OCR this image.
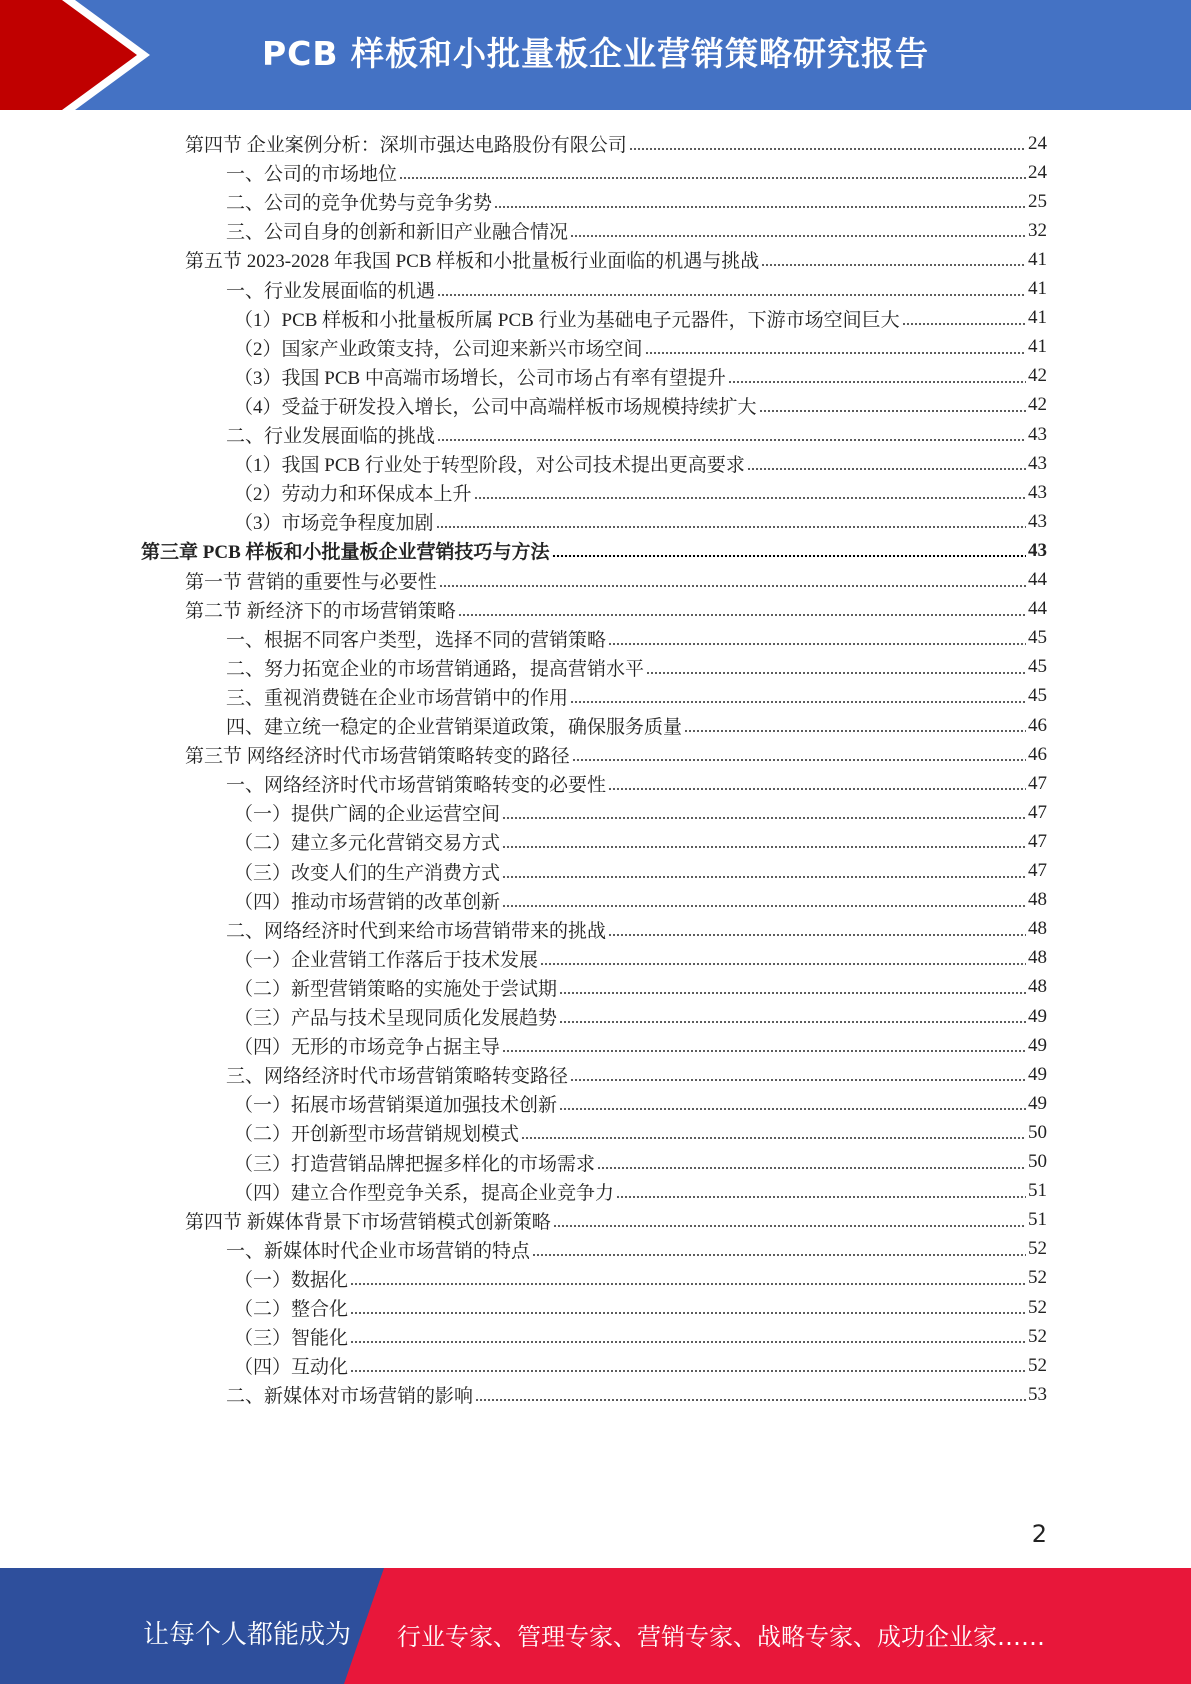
PCB 样板和小批量板企业营销策略研究报告
第四节 企业案例分析：深圳市强达电路股份有限公司	24
一、公司的市场地位	24
二、公司的竞争优势与竞争劣势	25
三、公司自身的创新和新旧产业融合情况	32
第五节 2023-2028 年我国 PCB 样板和小批量板行业面临的机遇与挑战	41
一、行业发展面临的机遇	41
（1）PCB 样板和小批量板所属 PCB 行业为基础电子元器件，下游市场空间巨大	41
（2）国家产业政策支持，公司迎来新兴市场空间	41
（3）我国 PCB 中高端市场增长，公司市场占有率有望提升	42
（4）受益于研发投入增长，公司中高端样板市场规模持续扩大	42
二、行业发展面临的挑战	43
（1）我国 PCB 行业处于转型阶段，对公司技术提出更高要求	43
（2）劳动力和环保成本上升	43
（3）市场竞争程度加剧	43
第三章 PCB 样板和小批量板企业营销技巧与方法	43
第一节 营销的重要性与必要性	44
第二节 新经济下的市场营销策略	44
一、根据不同客户类型，选择不同的营销策略	45
二、努力拓宽企业的市场营销通路，提高营销水平	45
三、重视消费链在企业市场营销中的作用	45
四、建立统一稳定的企业营销渠道政策，确保服务质量	46
第三节 网络经济时代市场营销策略转变的路径	46
一、网络经济时代市场营销策略转变的必要性	47
（一）提供广阔的企业运营空间	47
（二）建立多元化营销交易方式	47
（三）改变人们的生产消费方式	47
（四）推动市场营销的改革创新	48
二、网络经济时代到来给市场营销带来的挑战	48
（一）企业营销工作落后于技术发展	48
（二）新型营销策略的实施处于尝试期	48
（三）产品与技术呈现同质化发展趋势	49
（四）无形的市场竞争占据主导	49
三、网络经济时代市场营销策略转变路径	49
（一）拓展市场营销渠道加强技术创新	49
（二）开创新型市场营销规划模式	50
（三）打造营销品牌把握多样化的市场需求	50
（四）建立合作型竞争关系，提高企业竞争力	51
第四节 新媒体背景下市场营销模式创新策略	51
一、新媒体时代企业市场营销的特点	52
（一）数据化	52
（二）整合化	52
（三）智能化	52
（四）互动化	52
二、新媒体对市场营销的影响	53
2
让每个人都能成为 行业专家、管理专家、营销专家、战略专家、成功企业家……
